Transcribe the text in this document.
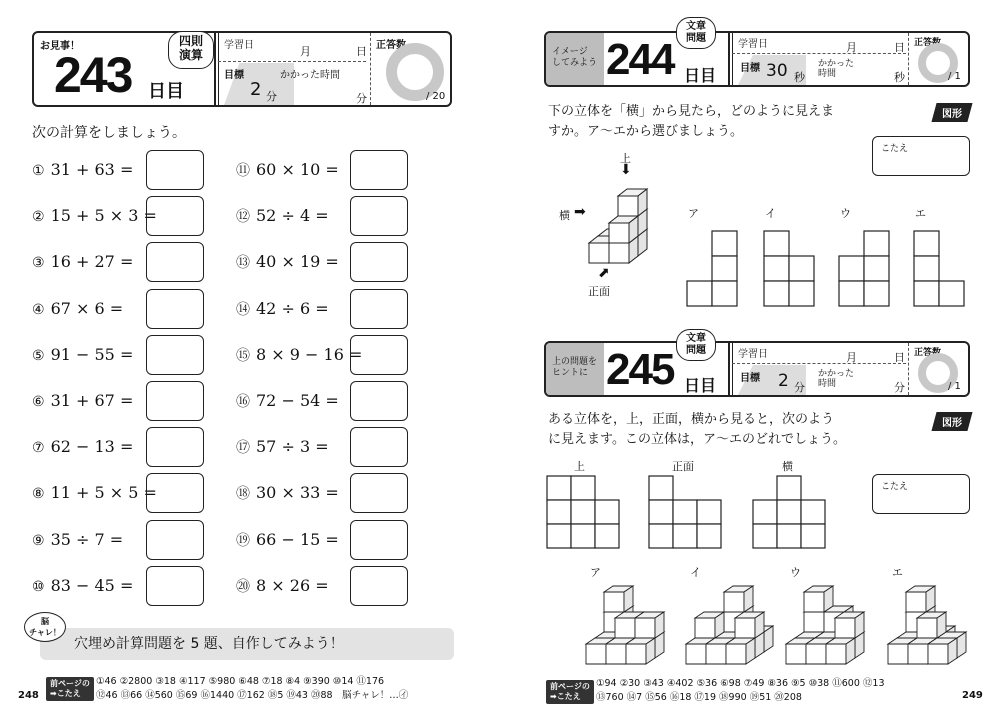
お見事！
243 日目
四則
演算
学習日	月	日
目標
2 分
かかった時間
分
正答数
/ 20
次の計算をしましょう。
① 31 + 63 =
② 15 + 5 × 3 =
③ 16 + 27 =
④ 67 × 6 =
⑤ 91 − 55 =
⑥ 31 + 67 =
⑦ 62 − 13 =
⑧ 11 + 5 × 5 =
⑨ 35 ÷ 7 =
⑩ 83 − 45 =
⑪ 60 × 10 =
⑫ 52 ÷ 4 =
⑬ 40 × 19 =
⑭ 42 ÷ 6 =
⑮ 8 × 9 − 16 =
⑯ 72 − 54 =
⑰ 57 ÷ 3 =
⑱ 30 × 33 =
⑲ 66 − 15 =
⑳ 8 × 26 =
穴埋め計算問題を 5 題、自作してみよう！
脳
チャレ！
前ページの
➡こたえ
①46 ②2800 ③18 ④117 ⑤980 ⑥48 ⑦18 ⑧4 ⑨390 ⑩14 ⑪176
⑫46 ⑬66 ⑭560 ⑮69 ⑯1440 ⑰162 ⑱5 ⑲43 ⑳88　脳チャレ！…㋑
248
イメージ
してみよう 244 日目
文章
問題
学習日	月	日
目標 30 秒
かかった
時間	秒
正答数
/ 1
下の立体を「横」から見たら，どのように見えま
すか。ア～エから選びましょう。
図形
こたえ
上
⬇
横 ➡
⬈
正面
ア	イ	ウ	エ
上の問題を
ヒントに 245 日目
文章
問題	学習日	月	日
目標 2 分
かかった
時間	分
正答数
/ 1
ある立体を，上，正面，横から見ると，次のよう
に見えます。この立体は，ア～エのどれでしょう。
図形
こたえ
上	正面	横
ア	イ	ウ	エ
前ページの
➡こたえ
①94 ②30 ③43 ④402 ⑤36 ⑥98 ⑦49 ⑧36 ⑨5 ⑩38 ⑪600 ⑫13
⑬760 ⑭7 ⑮56 ⑯18 ⑰19 ⑱990 ⑲51 ⑳208	249
